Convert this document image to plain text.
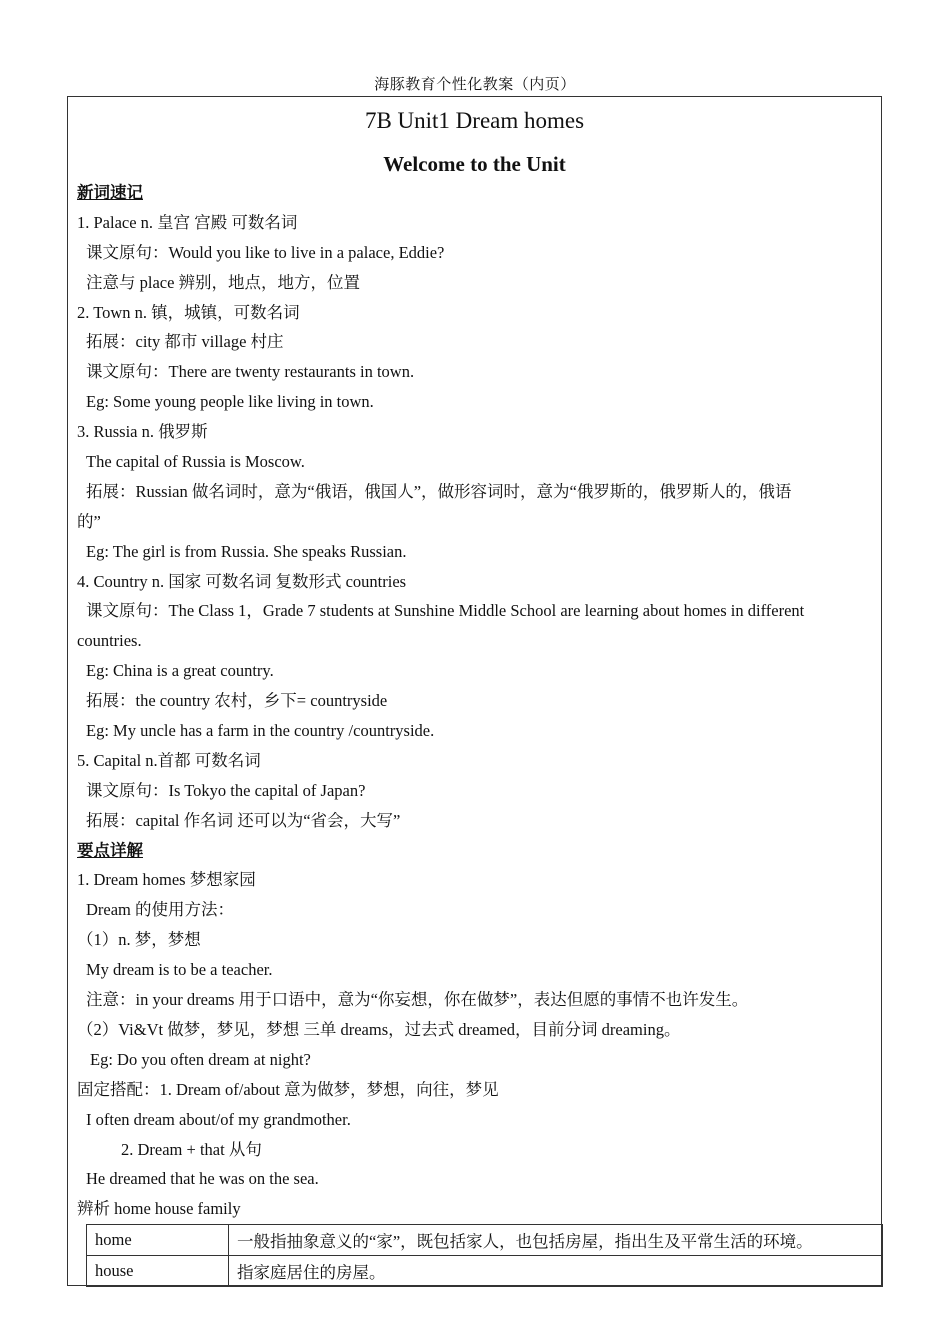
海豚教育个性化教案（内页）
7B Unit1 Dream homes
Welcome to the Unit
新词速记
1. Palace n. 皇宫 宫殿 可数名词
课文原句：Would you like to live in a palace, Eddie?
注意与 place 辨别，地点，地方，位置
2. Town n. 镇，城镇，可数名词
拓展：city 都市 village 村庄
课文原句：There are twenty restaurants in town.
Eg: Some young people like living in town.
3. Russia n. 俄罗斯
The capital of Russia is Moscow.
拓展：Russian 做名词时，意为“俄语，俄国人”，做形容词时，意为“俄罗斯的，俄罗斯人的，俄语
的”
Eg: The girl is from Russia. She speaks Russian.
4. Country n. 国家 可数名词 复数形式 countries
课文原句：The Class 1，Grade 7 students at Sunshine Middle School are learning about homes in different
countries.
Eg: China is a great country.
拓展：the country 农村，乡下= countryside
Eg: My uncle has a farm in the country /countryside.
5. Capital n.首都 可数名词
课文原句：Is Tokyo the capital of Japan?
拓展：capital 作名词 还可以为“省会，大写”
要点详解
1. Dream homes 梦想家园
Dream 的使用方法：
（1）n. 梦，梦想
My dream is to be a teacher.
注意：in your dreams 用于口语中，意为“你妄想，你在做梦”，表达但愿的事情不也许发生。
（2）Vi&Vt 做梦，梦见，梦想 三单 dreams，过去式 dreamed，目前分词 dreaming。
Eg: Do you often dream at night?
固定搭配：1. Dream of/about 意为做梦，梦想，向往，梦见
I often dream about/of my grandmother.
2. Dream + that 从句
He dreamed that he was on the sea.
辨析 home house family
home	一般指抽象意义的“家”，既包括家人，也包括房屋，指出生及平常生活的环境。
house	指家庭居住的房屋。
